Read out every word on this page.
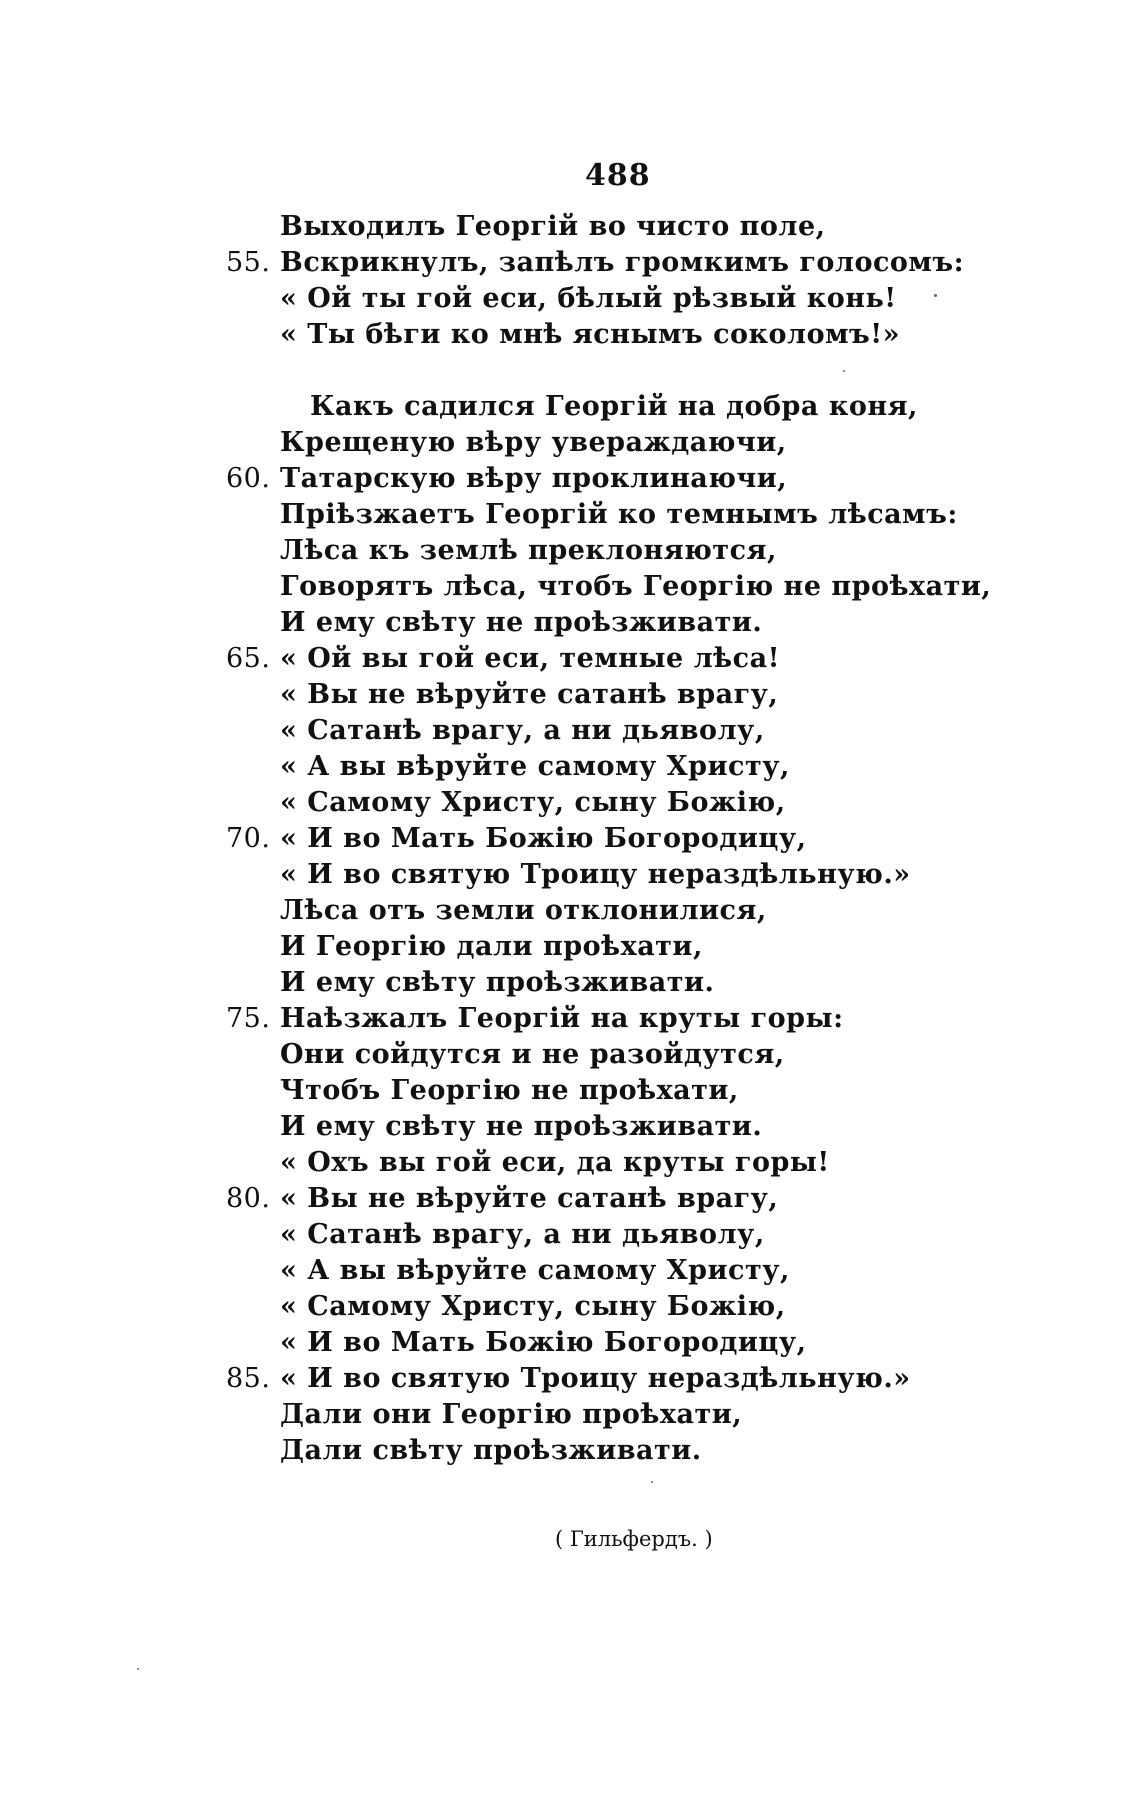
488
Выходилъ Георгій во чисто поле,
55. Вскрикнулъ, запѣлъ громкимъ голосомъ:
« Ой ты гой еси, бѣлый рѣзвый конь!
« Ты бѣги ко мнѣ яснымъ соколомъ!»
Какъ садился Георгій на добра коня,
Крещеную вѣру увераждаючи,
60. Татарскую вѣру проклинаючи,
Пріѣзжаетъ Георгій ко темнымъ лѣсамъ:
Лѣса къ землѣ преклоняются,
Говорятъ лѣса, чтобъ Георгію не проѣхати,
И ему свѣту не проѣзживати.
65. « Ой вы гой еси, темные лѣса!
« Вы не вѣруйте сатанѣ врагу,
« Сатанѣ врагу, а ни дьяволу,
« А вы вѣруйте самому Христу,
« Самому Христу, сыну Божію,
70. « И во Мать Божію Богородицу,
« И во святую Троицу нераздѣльную.»
Лѣса отъ земли отклонилися,
И Георгію дали проѣхати,
И ему свѣту проѣзживати.
75. Наѣзжалъ Георгій на круты горы:
Они сойдутся и не разойдутся,
Чтобъ Георгію не проѣхати,
И ему свѣту не проѣзживати.
« Охъ вы гой еси, да круты горы!
80. « Вы не вѣруйте сатанѣ врагу,
« Сатанѣ врагу, а ни дьяволу,
« А вы вѣруйте самому Христу,
« Самому Христу, сыну Божію,
« И во Мать Божію Богородицу,
85. « И во святую Троицу нераздѣльную.»
Дали они Георгію проѣхати,
Дали свѣту проѣзживати.
( Гильфердъ. )
